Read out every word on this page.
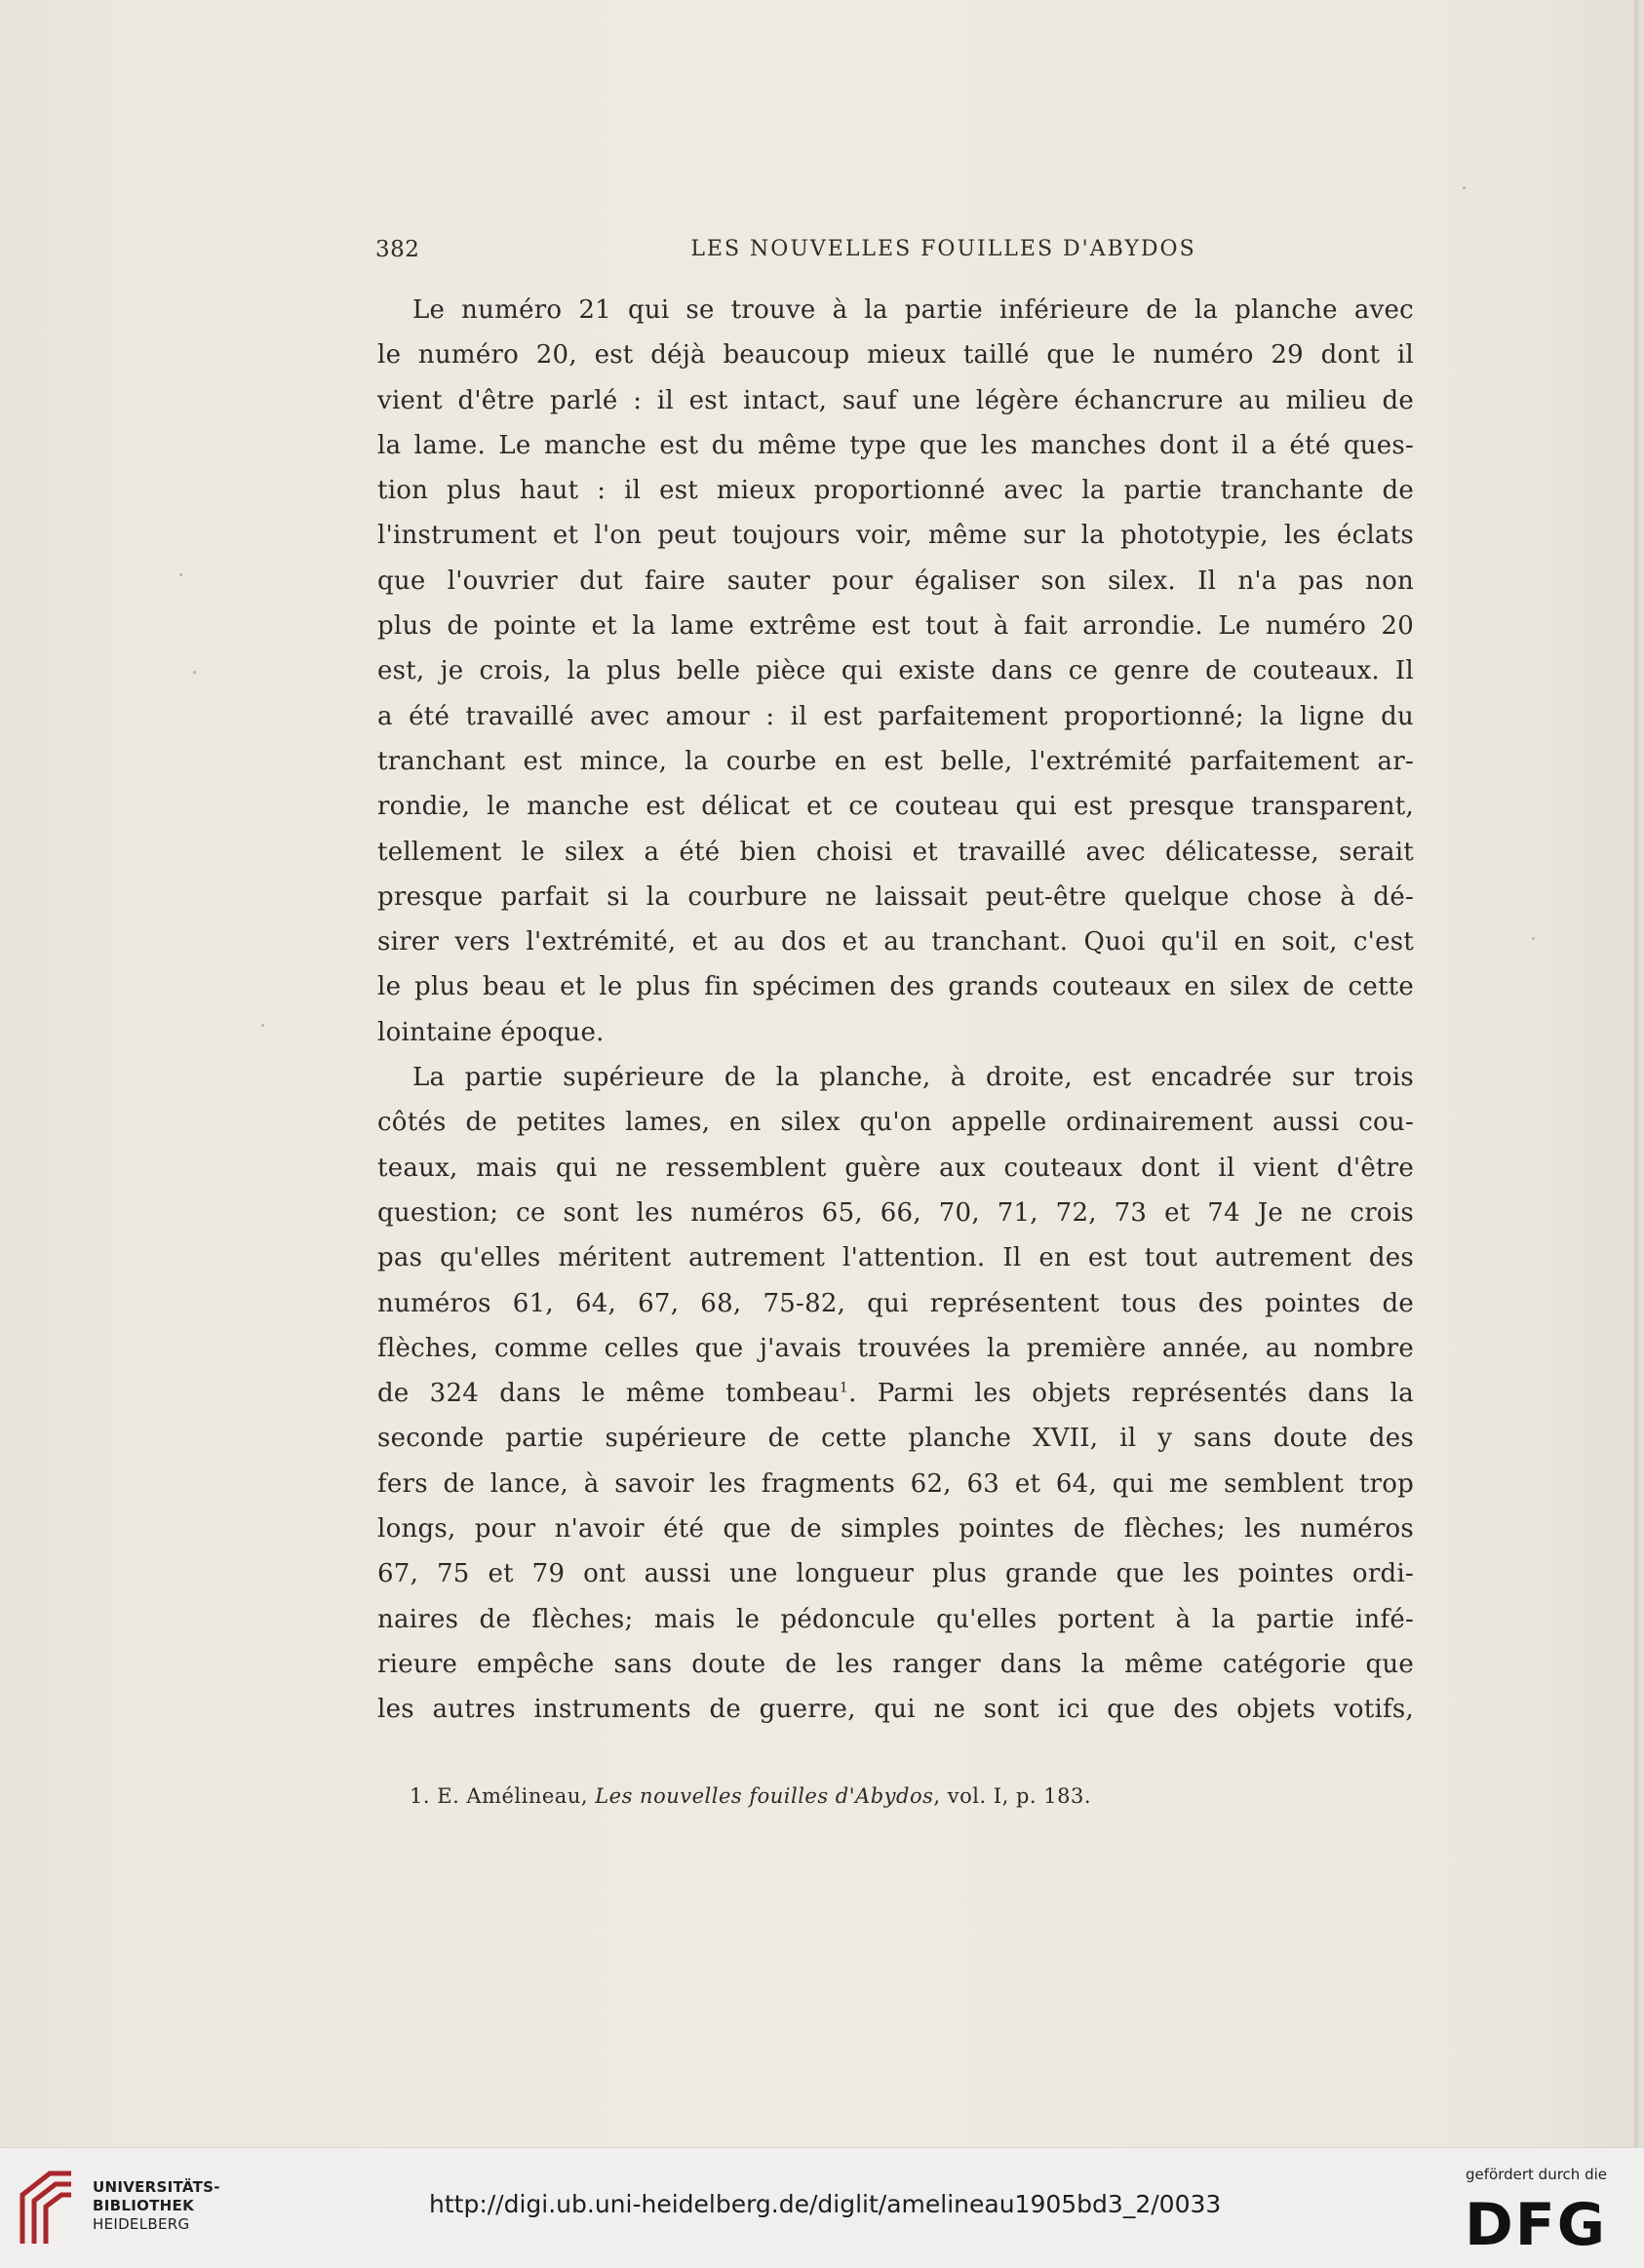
382	LES NOUVELLES FOUILLES D'ABYDOS
Le numéro 21 qui se trouve à la partie inférieure de la planche avec
le numéro 20, est déjà beaucoup mieux taillé que le numéro 29 dont il
vient d'être parlé : il est intact, sauf une légère échancrure au milieu de
la lame. Le manche est du même type que les manches dont il a été ques-
tion plus haut : il est mieux proportionné avec la partie tranchante de
l'instrument et l'on peut toujours voir, même sur la phototypie, les éclats
que l'ouvrier dut faire sauter pour égaliser son silex. Il n'a pas non
plus de pointe et la lame extrême est tout à fait arrondie. Le numéro 20
est, je crois, la plus belle pièce qui existe dans ce genre de couteaux. Il
a été travaillé avec amour : il est parfaitement proportionné; la ligne du
tranchant est mince, la courbe en est belle, l'extrémité parfaitement ar-
rondie, le manche est délicat et ce couteau qui est presque transparent,
tellement le silex a été bien choisi et travaillé avec délicatesse, serait
presque parfait si la courbure ne laissait peut-être quelque chose à dé-
sirer vers l'extrémité, et au dos et au tranchant. Quoi qu'il en soit, c'est
le plus beau et le plus fin spécimen des grands couteaux en silex de cette
lointaine époque.
La partie supérieure de la planche, à droite, est encadrée sur trois
côtés de petites lames, en silex qu'on appelle ordinairement aussi cou-
teaux, mais qui ne ressemblent guère aux couteaux dont il vient d'être
question; ce sont les numéros 65, 66, 70, 71, 72, 73 et 74 Je ne crois
pas qu'elles méritent autrement l'attention. Il en est tout autrement des
numéros 61, 64, 67, 68, 75-82, qui représentent tous des pointes de
flèches, comme celles que j'avais trouvées la première année, au nombre
de 324 dans le même tombeau$^1$. Parmi les objets représentés dans la
seconde partie supérieure de cette planche XVII, il y sans doute des
fers de lance, à savoir les fragments 62, 63 et 64, qui me semblent trop
longs, pour n'avoir été que de simples pointes de flèches; les numéros
67, 75 et 79 ont aussi une longueur plus grande que les pointes ordi-
naires de flèches; mais le pédoncule qu'elles portent à la partie infé-
rieure empêche sans doute de les ranger dans la même catégorie que
les autres instruments de guerre, qui ne sont ici que des objets votifs,
1. E. Amélineau, Les nouvelles fouilles d'Abydos, vol. I, p. 183.
UNIVERSITÄTS-
BIBLIOTHEK
HEIDELBERG
http://digi.ub.uni-heidelberg.de/diglit/amelineau1905bd3_2/0033
gefördert durch die
DFG
